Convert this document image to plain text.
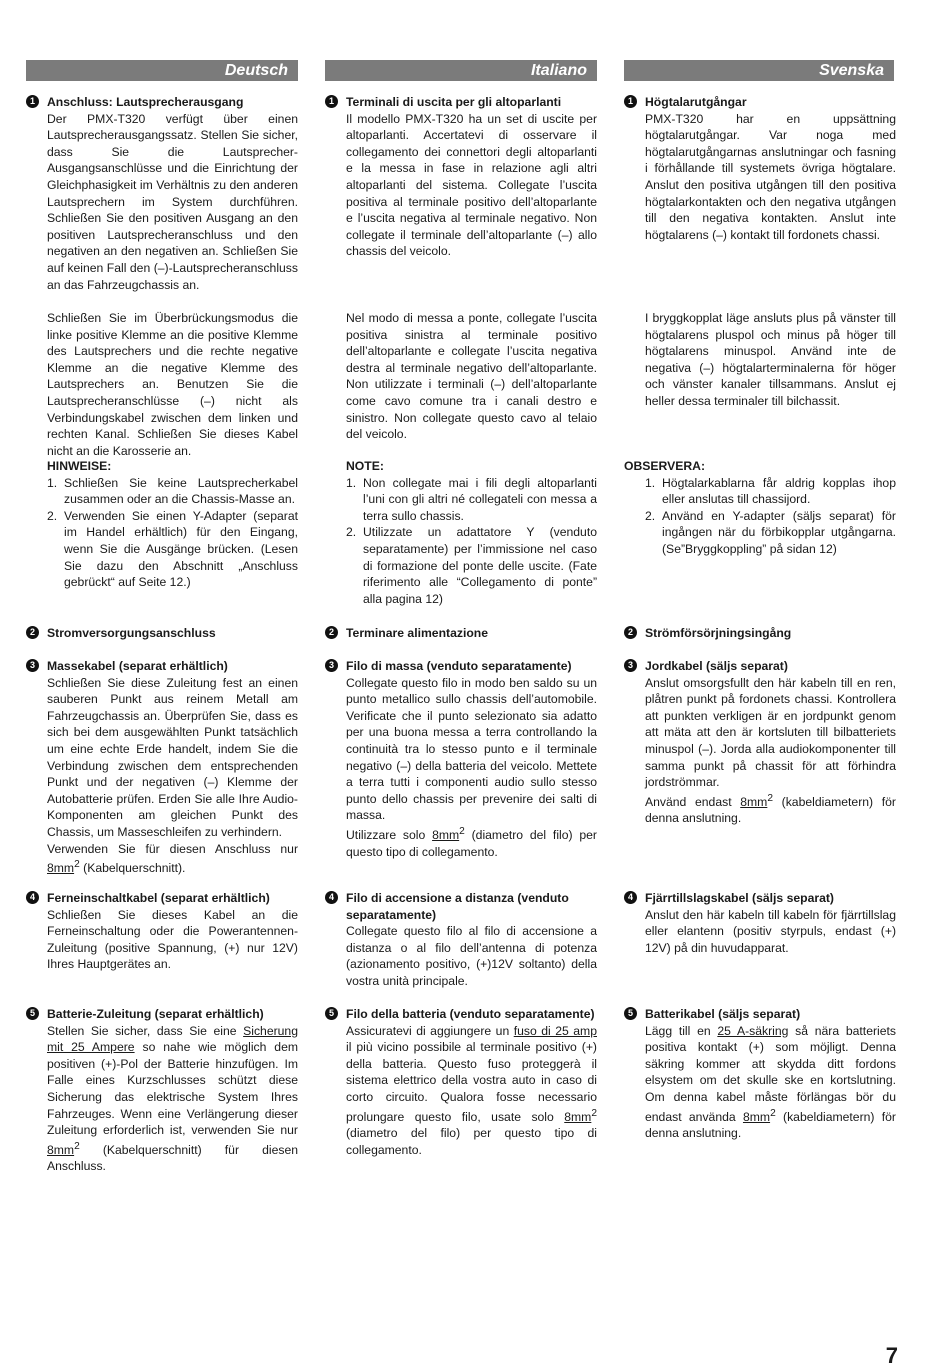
Deutsch
1 Anschluss: Lautsprecherausgang
Der PMX-T320 verfügt über einen Lautsprecherausgangssatz. Stellen Sie sicher, dass Sie die Lautsprecher-Ausgangsanschlüsse und die Einrichtung der Gleichphasigkeit im Verhältnis zu den anderen Lautsprechern im System durchführen. Schließen Sie den positiven Ausgang an den positiven Lautsprecheranschluss und den negativen an den negativen an. Schließen Sie auf keinen Fall den (–)-Lautsprecheranschluss an das Fahrzeugchassis an.
Schließen Sie im Überbrückungsmodus die linke positive Klemme an die positive Klemme des Lautsprechers und die rechte negative Klemme an die negative Klemme des Lautsprechers an. Benutzen Sie die Lautsprecheranschlüsse (–) nicht als Verbindungskabel zwischen dem linken und rechten Kanal. Schließen Sie dieses Kabel nicht an die Karosserie an.
HINWEISE:
1. Schließen Sie keine Lautsprecherkabel zusammen oder an die Chassis-Masse an.
2. Verwenden Sie einen Y-Adapter (separat im Handel erhältlich) für den Eingang, wenn Sie die Ausgänge brücken. (Lesen Sie dazu den Abschnitt „Anschluss gebrückt“ auf Seite 12.)
2 Stromversorgungsanschluss
3 Massekabel (separat erhältlich)
Schließen Sie diese Zuleitung fest an einen sauberen Punkt aus reinem Metall am Fahrzeugchassis an. Überprüfen Sie, dass es sich bei dem ausgewählten Punkt tatsächlich um eine echte Erde handelt, indem Sie die Verbindung zwischen dem entsprechenden Punkt und der negativen (–) Klemme der Autobatterie prüfen. Erden Sie alle Ihre Audio-Komponenten am gleichen Punkt des Chassis, um Masseschleifen zu verhindern.
Verwenden Sie für diesen Anschluss nur $8mm^2$ (Kabelquerschnitt).
4 Ferneinschaltkabel (separat erhältlich)
Schließen Sie dieses Kabel an die Ferneinschaltung oder die Powerantennen-Zuleitung (positive Spannung, (+) nur 12V) Ihres Hauptgerätes an.
5 Batterie-Zuleitung (separat erhältlich)
Stellen Sie sicher, dass Sie eine Sicherung mit 25 Ampere so nahe wie möglich dem positiven (+)-Pol der Batterie hinzufügen. Im Falle eines Kurzschlusses schützt diese Sicherung das elektrische System Ihres Fahrzeuges. Wenn eine Verlängerung dieser Zuleitung erforderlich ist, verwenden Sie nur $8mm^2$ (Kabelquerschnitt) für diesen Anschluss.
Italiano
1 Terminali di uscita per gli altoparlanti
Il modello PMX-T320 ha un set di uscite per altoparlanti. Accertatevi di osservare il collegamento dei connettori degli altoparlanti e la messa in fase in relazione agli altri altoparlanti del sistema. Collegate l’uscita positiva al terminale positivo dell’altoparlante e l’uscita negativa al terminale negativo. Non collegate il terminale dell’altoparlante (–) allo chassis del veicolo.
Nel modo di messa a ponte, collegate l’uscita positiva sinistra al terminale positivo dell’altoparlante e collegate l’uscita negativa destra al terminale negativo dell’altoparlante. Non utilizzate i terminali (–) dell’altoparlante come cavo comune tra i canali destro e sinistro. Non collegate questo cavo al telaio del veicolo.
NOTE:
1. Non collegate mai i fili degli altoparlanti l’uni con gli altri né collegateli con messa a terra sullo chassis.
2. Utilizzate un adattatore Y (venduto separatamente) per l’immissione nel caso di formazione del ponte delle uscite. (Fate riferimento alle “Collegamento di ponte” alla pagina 12)
2 Terminare alimentazione
3 Filo di massa (venduto separatamente)
Collegate questo filo in modo ben saldo su un punto metallico sullo chassis dell’automobile. Verificate che il punto selezionato sia adatto per una buona messa a terra controllando la continuità tra lo stesso punto e il terminale negativo (–) della batteria del veicolo. Mettete a terra tutti i componenti audio sullo stesso punto dello chassis per prevenire dei salti di massa.
Utilizzare solo $8mm^2$ (diametro del filo) per questo tipo di collegamento.
4 Filo di accensione a distanza (venduto separatamente)
Collegate questo filo al filo di accensione a distanza o al filo dell’antenna di potenza (azionamento positivo, (+)12V soltanto) della vostra unità principale.
5 Filo della batteria (venduto separatamente)
Assicuratevi di aggiungere un fuso di 25 amp il più vicino possibile al terminale positivo (+) della batteria. Questo fuso proteggerà il sistema elettrico della vostra auto in caso di corto circuito. Qualora fosse necessario prolungare questo filo, usate solo $8mm^2$ (diametro del filo) per questo tipo di collegamento.
Svenska
1 Högtalarutgångar
PMX-T320 har en uppsättning högtalarutgångar. Var noga med högtalarutgångarnas anslutningar och fasning i förhållande till systemets övriga högtalare. Anslut den positiva utgången till den positiva högtalarkontakten och den negativa utgången till den negativa kontakten. Anslut inte högtalarens (–) kontakt till fordonets chassi.
I bryggkopplat läge ansluts plus på vänster till högtalarens pluspol och minus på höger till högtalarens minuspol. Använd inte de negativa (–) högtalarterminalerna för höger och vänster kanaler tillsammans. Anslut ej heller dessa terminaler till bilchassit.
OBSERVERA:
1. Högtalarkablarna får aldrig kopplas ihop eller anslutas till chassijord.
2. Använd en Y-adapter (säljs separat) för ingången när du förbikopplar utgångarna. (Se”Bryggkoppling” på sidan 12)
2 Strömförsörjningsingång
3 Jordkabel (säljs separat)
Anslut omsorgsfullt den här kabeln till en ren, plåtren punkt på fordonets chassi. Kontrollera att punkten verkligen är en jordpunkt genom att mäta att den är kortsluten till bilbatteriets minuspol (–). Jorda alla audiokomponenter till samma punkt på chassit för att förhindra jordströmmar.
Använd endast $8mm^2$ (kabeldiametern) för denna anslutning.
4 Fjärrtillslagskabel (säljs separat)
Anslut den här kabeln till kabeln för fjärrtillslag eller elantenn (positiv styrpuls, endast (+) 12V) på din huvudapparat.
5 Batterikabel (säljs separat)
Lägg till en 25 A-säkring så nära batteriets positiva kontakt (+) som möjligt. Denna säkring kommer att skydda ditt fordons elsystem om det skulle ske en kortslutning. Om denna kabel måste förlängas bör du endast använda $8mm^2$ (kabeldiametern) för denna anslutning.
7
